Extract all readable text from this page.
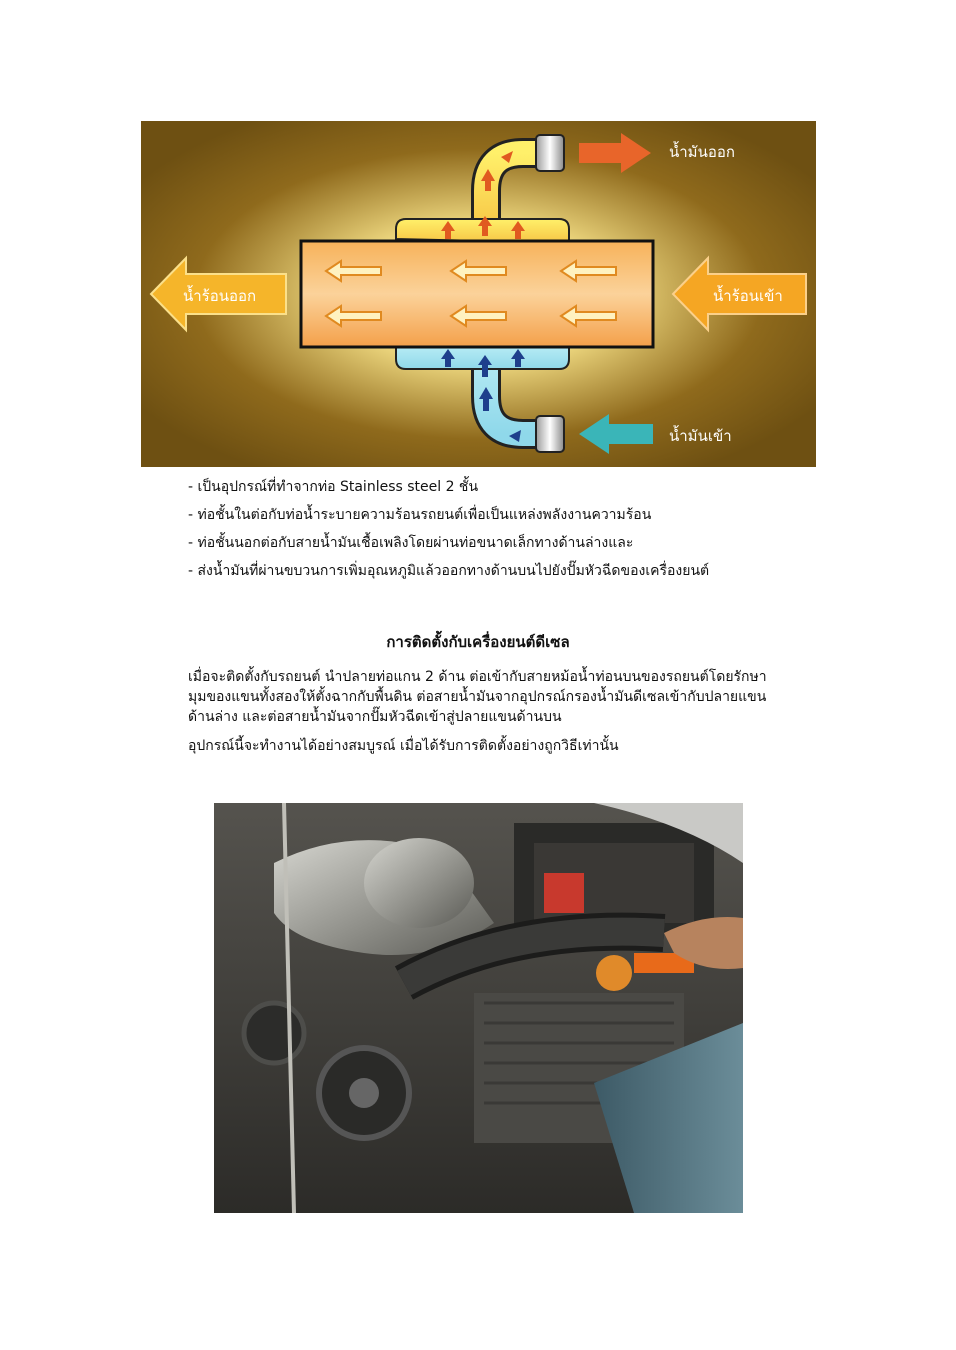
น้ำมันออก
น้ำมันเข้า
น้ำร้อนออก	น้ำร้อนเข้า

- เป็นอุปกรณ์ที่ทำจากท่อ Stainless steel 2 ชั้น

- ท่อชั้นในต่อกับท่อน้ำระบายความร้อนรถยนต์เพื่อเป็นแหล่งพลังงานความร้อน

- ท่อชั้นนอกต่อกับสายน้ำมันเชื้อเพลิงโดยผ่านท่อขนาดเล็กทางด้านล่างและ

- ส่งน้ำมันที่ผ่านขบวนการเพิ่มอุณหภูมิแล้วออกทางด้านบนไปยังปั๊มหัวฉีดของเครื่องยนต์

การติดตั้งกับเครื่องยนต์ดีเซล

เมื่อจะติดตั้งกับรถยนต์ นำปลายท่อแกน 2 ด้าน ต่อเข้ากับสายหม้อน้ำท่อนบนของรถยนต์โดยรักษามุมของแขนทั้งสองให้ตั้งฉากกับพื้นดิน ต่อสายน้ำมันจากอุปกรณ์กรองน้ำมันดีเซลเข้ากับปลายแขนด้านล่าง และต่อสายน้ำมันจากปั๊มหัวฉีดเข้าสู่ปลายแขนด้านบน

อุปกรณ์นี้จะทำงานได้อย่างสมบูรณ์ เมื่อได้รับการติดตั้งอย่างถูกวิธีเท่านั้น
